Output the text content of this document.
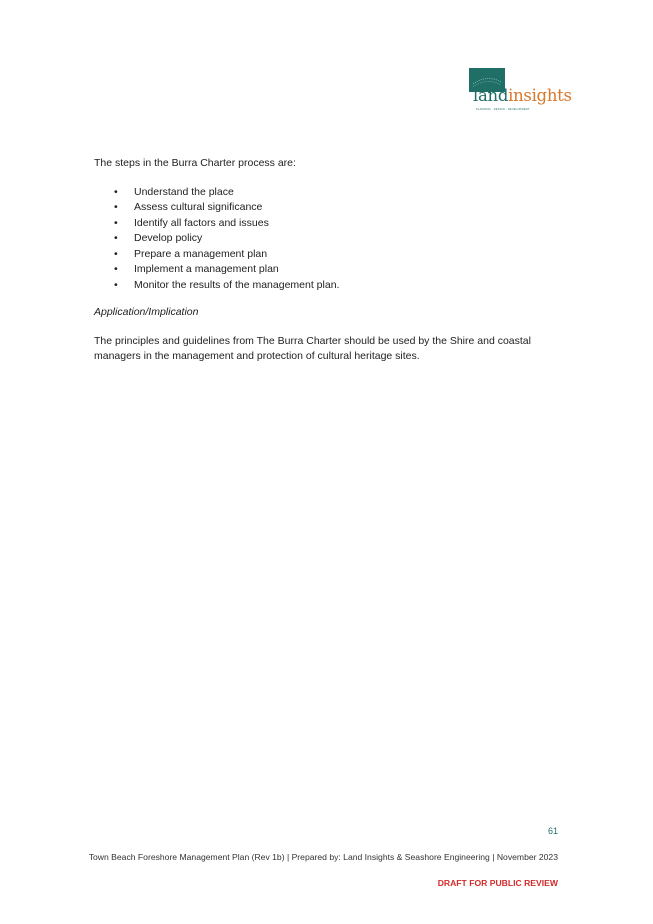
landinsights
PLANNING · DESIGN · DEVELOPMENT

The steps in the Burra Charter process are:

• Understand the place
• Assess cultural significance
• Identify all factors and issues
• Develop policy
• Prepare a management plan
• Implement a management plan
• Monitor the results of the management plan.

Application/Implication

The principles and guidelines from The Burra Charter should be used by the Shire and coastal managers in the management and protection of cultural heritage sites.

61
Town Beach Foreshore Management Plan (Rev 1b) | Prepared by: Land Insights & Seashore Engineering | November 2023
DRAFT FOR PUBLIC REVIEW
